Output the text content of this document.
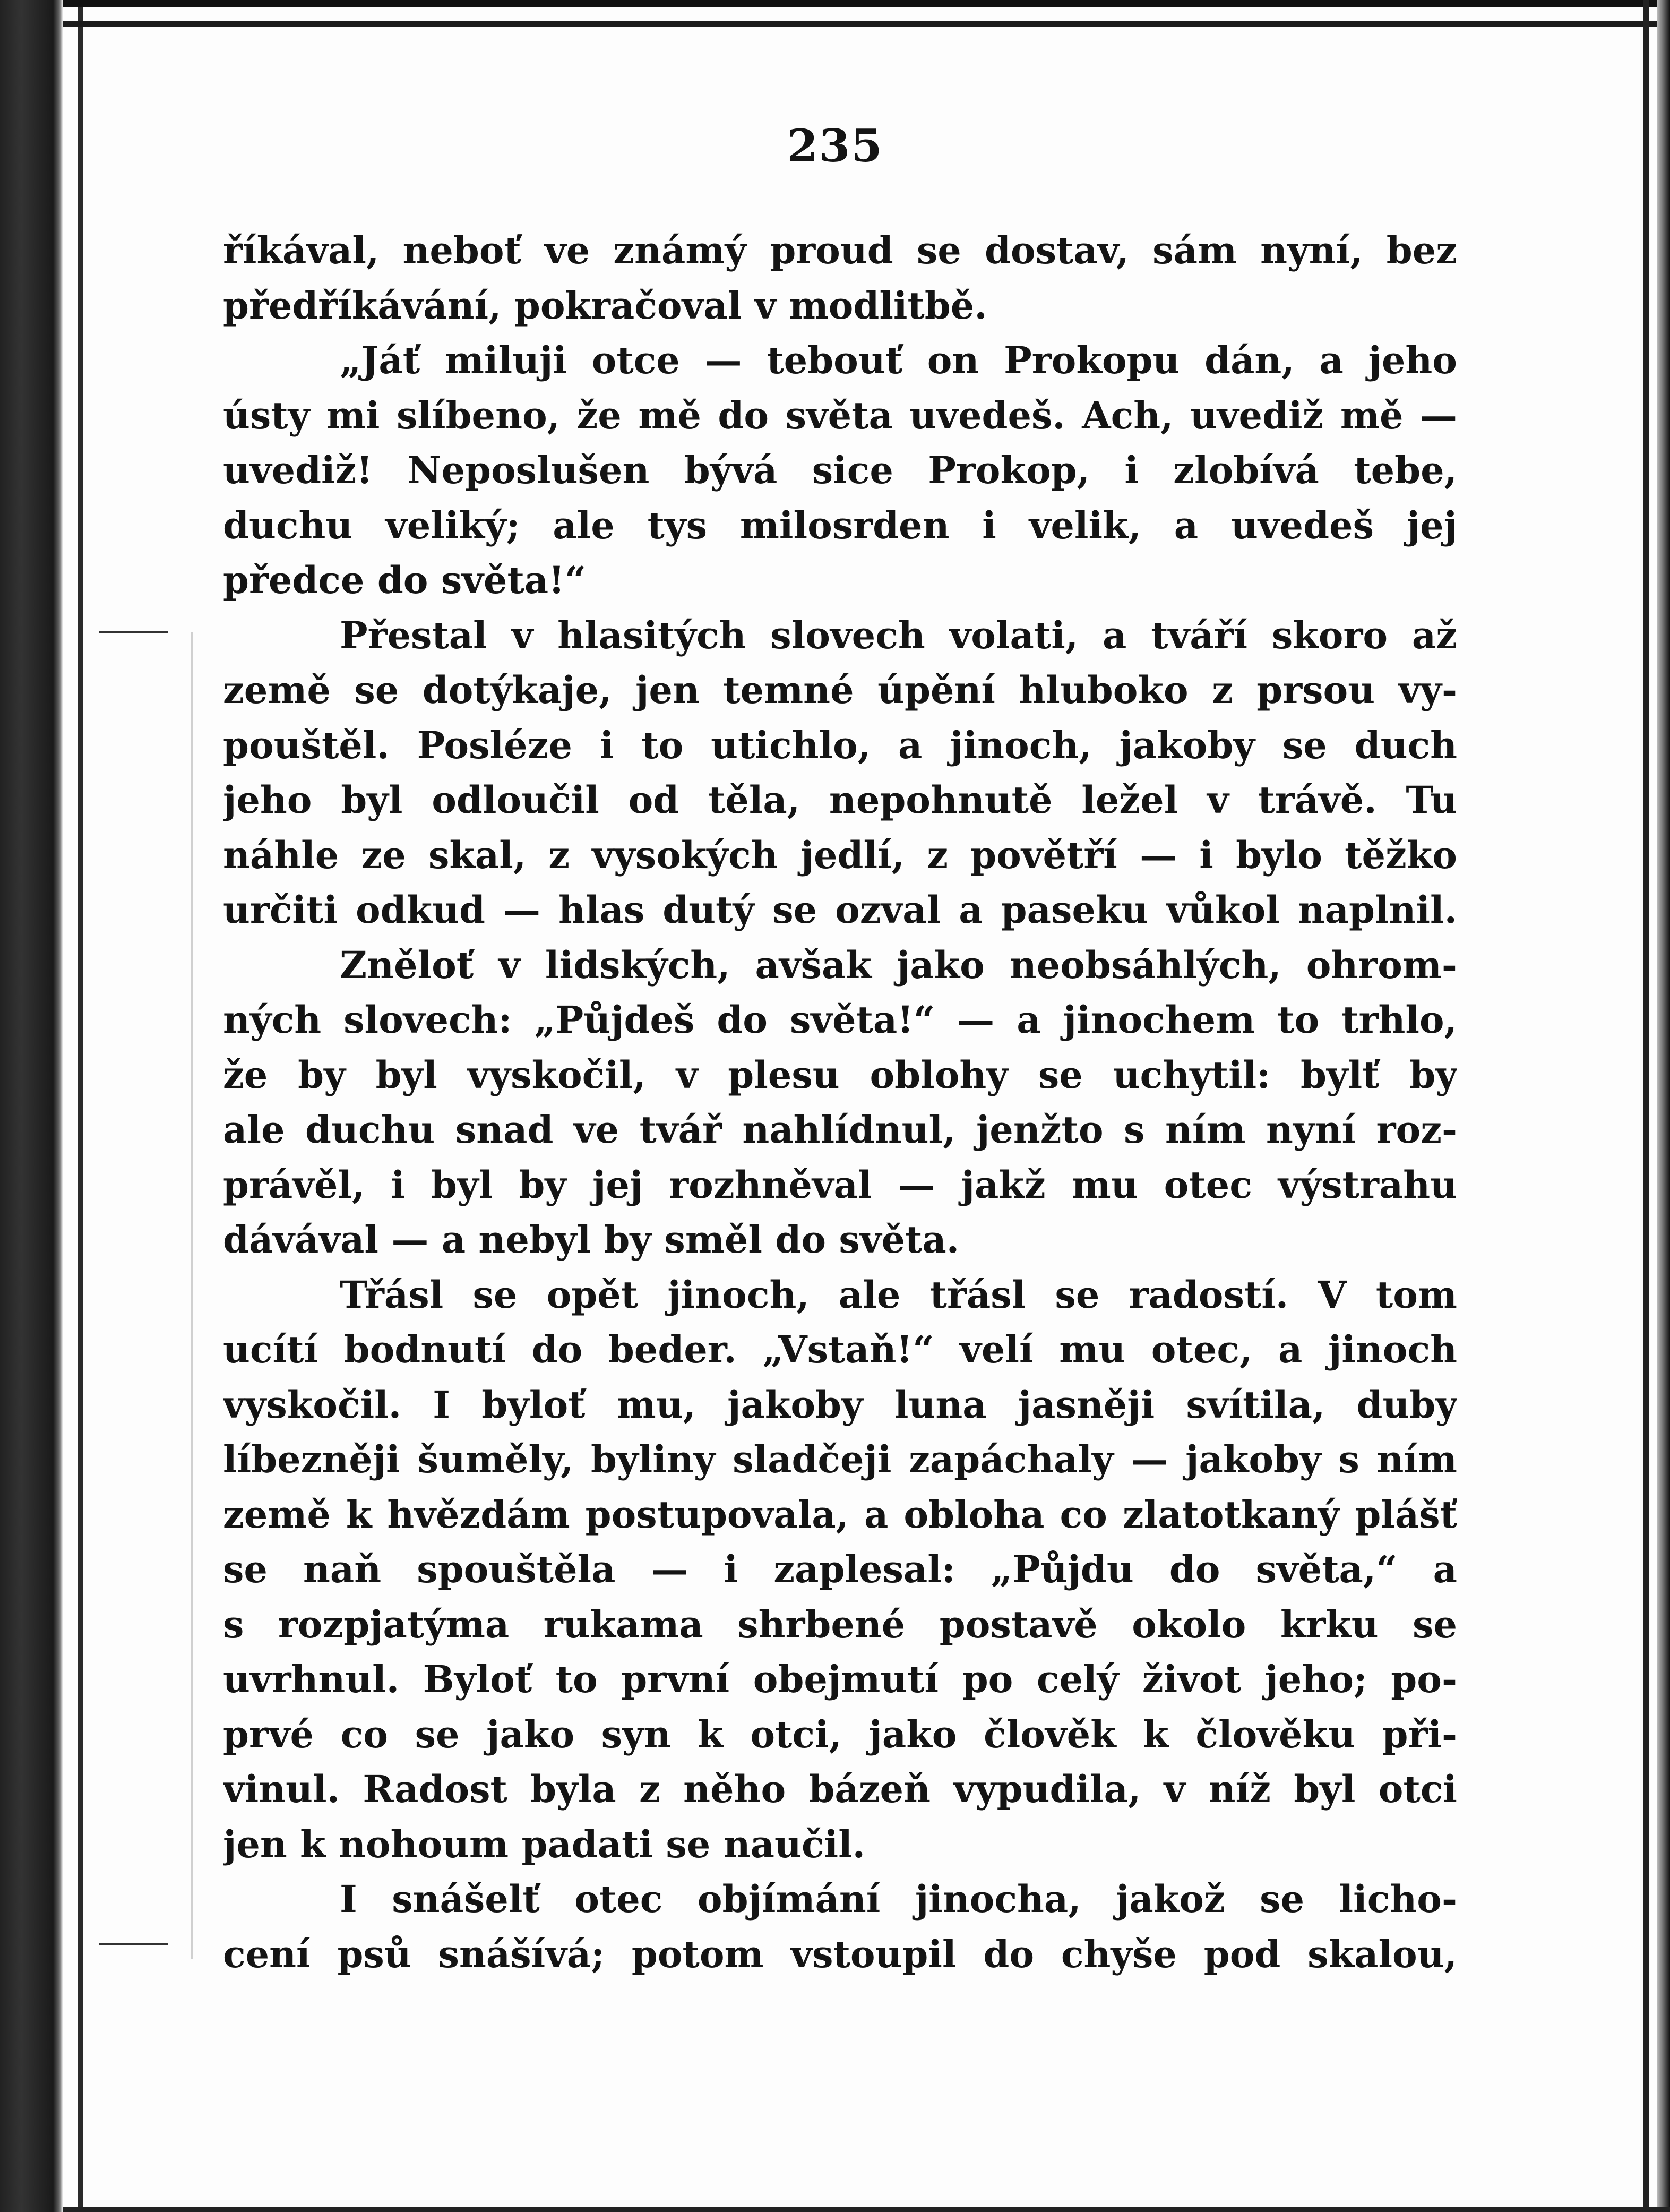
235
říkával, neboť ve známý proud se dostav, sám nyní, bez
předříkávání, pokračoval v modlitbě.
„Jáť miluji otce — tebouť on Prokopu dán, a jeho
ústy mi slíbeno, že mě do světa uvedeš. Ach, uvediž mě —
uvediž! Neposlušen bývá sice Prokop, i zlobívá tebe,
duchu veliký; ale tys milosrden i velik, a uvedeš jej
předce do světa!“
Přestal v hlasitých slovech volati, a tváří skoro až
země se dotýkaje, jen temné úpění hluboko z prsou vy-
pouštěl. Posléze i to utichlo, a jinoch, jakoby se duch
jeho byl odloučil od těla, nepohnutě ležel v trávě. Tu
náhle ze skal, z vysokých jedlí, z povětří — i bylo těžko
určiti odkud — hlas dutý se ozval a paseku vůkol naplnil.
Znělоť v lidských, avšak jako neobsáhlých, ohrom-
ných slovech: „Půjdeš do světa!“ — a jinochem to trhlo,
že by byl vyskočil, v plesu oblohy se uchytil: bylť by
ale duchu snad ve tvář nahlídnul, jenžto s ním nyní roz-
právěl, i byl by jej rozhněval — jakž mu otec výstrahu
dávával — a nebyl by směl do světa.
Třásl se opět jinoch, ale třásl se radostí. V tom
ucítí bodnutí do beder. „Vstaň!“ velí mu otec, a jinoch
vyskočil. I bylоť mu, jakoby luna jasněji svítila, duby
líbezněji šuměly, byliny sladčeji zapáchaly — jakoby s ním
země k hvězdám postupovala, a obloha co zlatotkaný plášť
se naň spouštěla — i zaplesal: „Půjdu do světa,“ a
s rozpjatýma rukama shrbené postavě okolo krku se
uvrhnul. Bylоť to první obejmutí po celý život jeho; po-
prvé co se jako syn k otci, jako člověk k člověku při-
vinul. Radost byla z něho bázeň vypudila, v níž byl otci
jen k nohoum padati se naučil.
I snášelť otec objímání jinocha, jakož se licho-
cení psů snášívá; potom vstoupil do chyše pod skalou,
